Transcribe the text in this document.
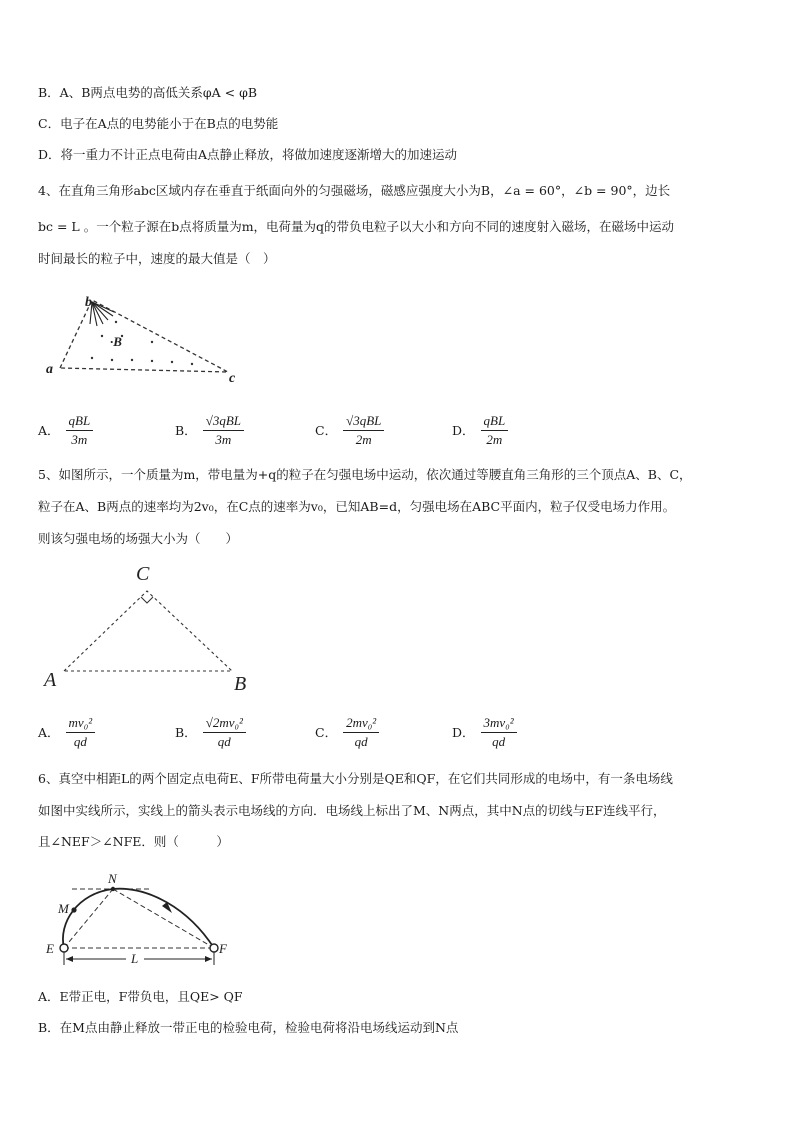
B．A、B两点电势的高低关系φA < φB
C．电子在A点的电势能小于在B点的电势能
D．将一重力不计正点电荷由A点静止释放，将做加速度逐渐增大的加速运动
4、在直角三角形abc区域内存在垂直于纸面向外的匀强磁场，磁感应强度大小为B，∠a = 60°，∠b = 90°，边长
bc = L 。一个粒子源在b点将质量为m，电荷量为q的带负电粒子以大小和方向不同的速度射入磁场，在磁场中运动
时间最长的粒子中，速度的最大值是（　）
b
a
c
·B
A． $\frac{\text{qBL}}{3m}$	B． $\frac{\text{√3qBL}}{3m}$	C． $\frac{\text{√3qBL}}{2m}$	D． $\frac{\text{qBL}}{2m}$
5、如图所示，一个质量为m，带电量为+q的粒子在匀强电场中运动，依次通过等腰直角三角形的三个顶点A、B、C，
粒子在A、B两点的速率均为2v₀，在C点的速率为v₀，已知AB=d，匀强电场在ABC平面内，粒子仅受电场力作用。
则该匀强电场的场强大小为（　　）
C
A	B
A． $\frac{\text{mv₀²}}{qd}$	B． $\frac{\text{√2mv₀²}}{qd}$	C． $\frac{\text{2mv₀²}}{qd}$	D． $\frac{\text{3mv₀²}}{qd}$
6、真空中相距L的两个固定点电荷E、F所带电荷量大小分别是QE和QF，在它们共同形成的电场中，有一条电场线
如图中实线所示，实线上的箭头表示电场线的方向．电场线上标出了M、N两点，其中N点的切线与EF连线平行，
且∠NEF＞∠NFE．则（　　　）
E	F
M
N
L
A．E带正电，F带负电，且QE> QF
B．在M点由静止释放一带正电的检验电荷，检验电荷将沿电场线运动到N点
